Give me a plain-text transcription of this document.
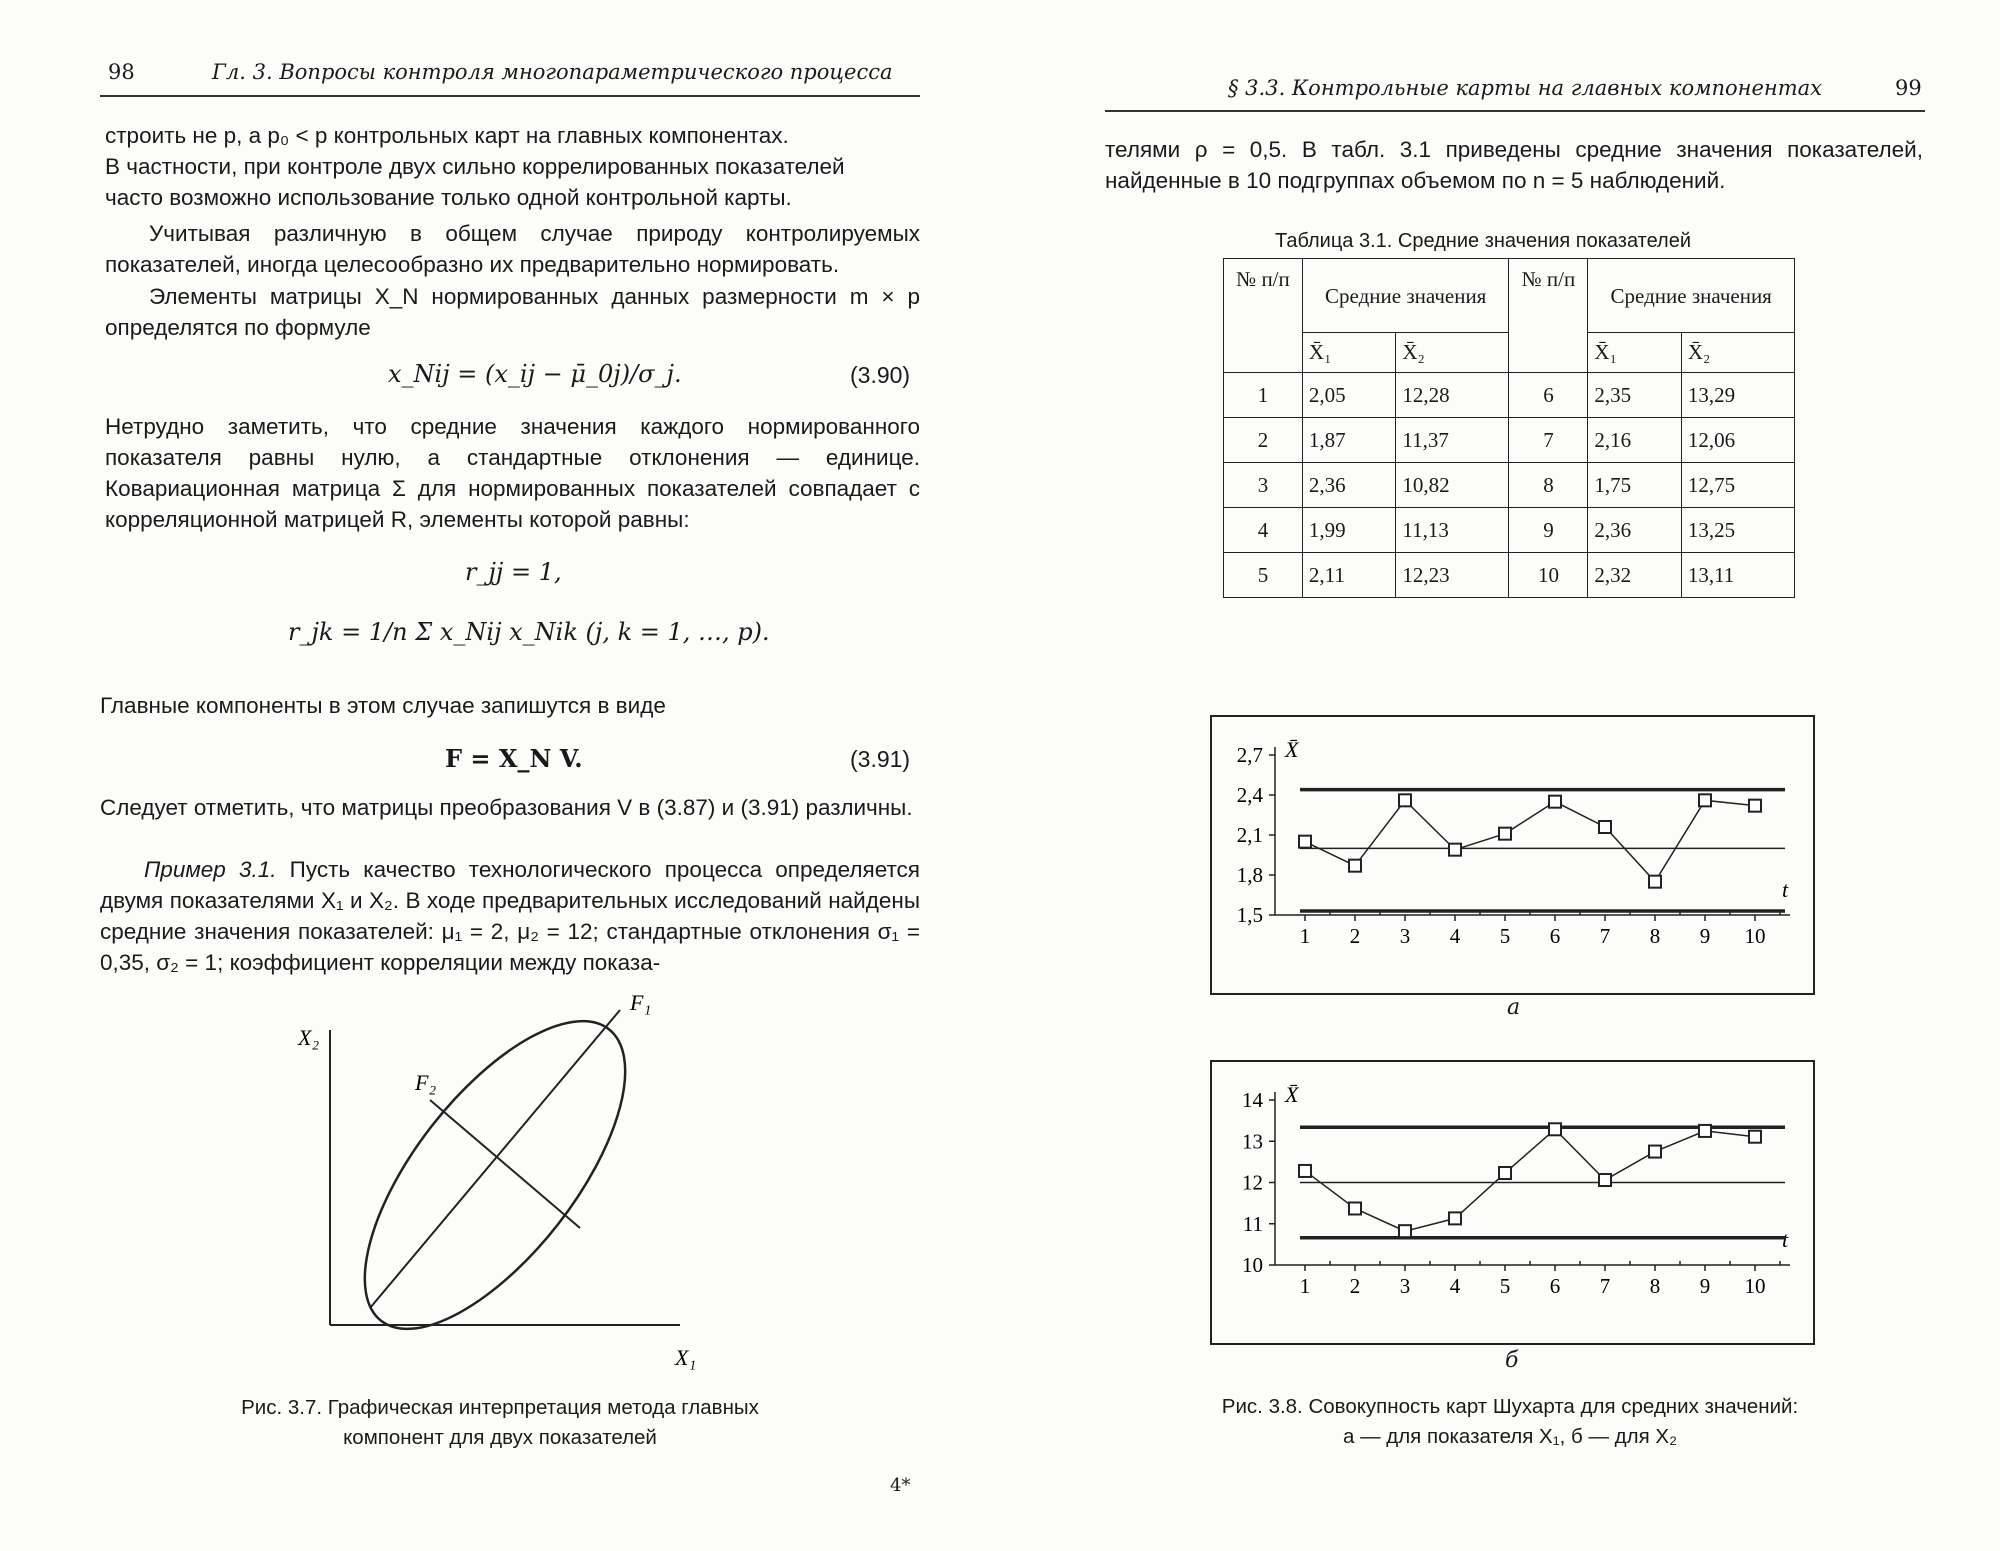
98	Гл. 3. Вопросы контроля многопараметрического процесса
строить не p, а p₀ < p контрольных карт на главных компонентах.
В частности, при контроле двух сильно коррелированных показателей
часто возможно использование только одной контрольной карты.
Учитывая различную в общем случае природу контролируемых показателей, иногда целесообразно их предварительно нормировать.
Элементы матрицы X_N нормированных данных размерности m × p определятся по формуле
x_Nij = (x_ij − μ̄_0j)/σ_j.	(3.90)
Нетрудно заметить, что средние значения каждого нормированного показателя равны нулю, а стандартные отклонения — единице. Ковариационная матрица Σ для нормированных показателей совпадает с корреляционной матрицей R, элементы которой равны:
r_jj = 1,
r_jk = 1/n Σ x_Nij x_Nik (j, k = 1, …, p).
Главные компоненты в этом случае запишутся в виде
F = X_N V.	(3.91)
Следует отметить, что матрицы преобразования V в (3.87) и (3.91) различны.
Пример 3.1. Пусть качество технологического процесса определяется двумя показателями X₁ и X₂. В ходе предварительных исследований найдены средние значения показателей: μ₁ = 2, μ₂ = 12; стандартные отклонения σ₁ = 0,35, σ₂ = 1; коэффициент корреляции между показа-
X₂
X₁
F₁
F₂
Рис. 3.7. Графическая интерпретация метода главных
компонент для двух показателей
§ 3.3. Контрольные карты на главных компонентах	99
телями ρ = 0,5. В табл. 3.1 приведены средние значения показателей, найденные в 10 подгруппах объемом по n = 5 наблюдений.
Таблица 3.1. Средние значения показателей
№ п/п	Средние значения		№ п/п	Средние значения	
	X̄₁	X̄₂		X̄₁	X̄₂
1	2,05	12,28	6	2,35	13,29
2	1,87	11,37	7	2,16	12,06
3	2,36	10,82	8	1,75	12,75
4	1,99	11,13	9	2,36	13,25
5	2,11	12,23	10	2,32	13,11
1,5
1,8
2,1
2,4
2,7 X̄
1 2 3 4 5 6 7 8 9 10
t
а
10
11
12
13
14 X̄
1 2 3 4 5 6 7 8 9 10
t
б
Рис. 3.8. Совокупность карт Шухарта для средних значений:
а — для показателя X₁, б — для X₂
4*
